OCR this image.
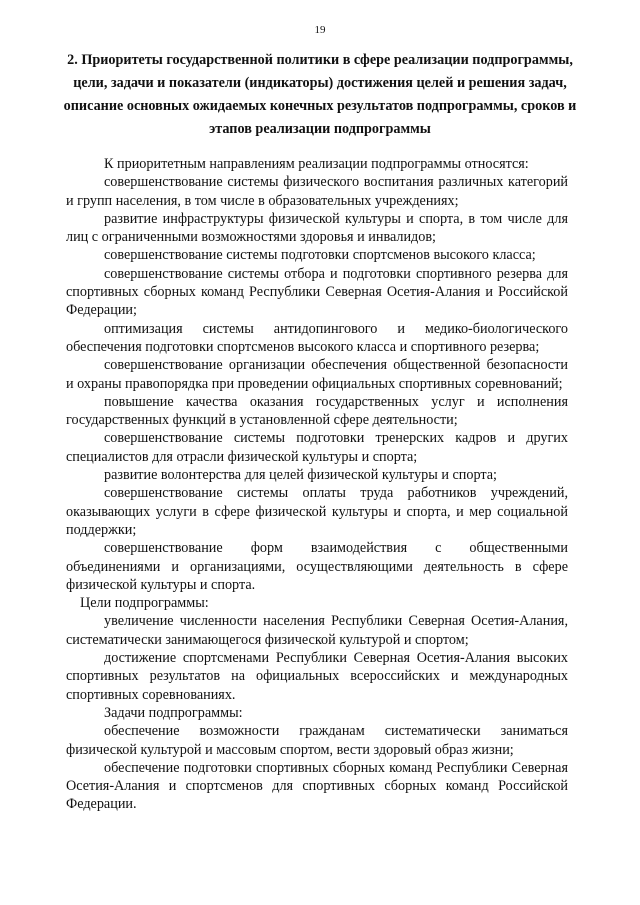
19
2. Приоритеты государственной политики в сфере реализации подпрограммы, цели, задачи и показатели (индикаторы) достижения целей и решения задач, описание основных ожидаемых конечных результатов подпрограммы, сроков и этапов реализации подпрограммы

К приоритетным направлениям реализации подпрограммы относятся:

совершенствование системы физического воспитания различных категорий и групп населения, в том числе в образовательных учреждениях;

развитие инфраструктуры физической культуры и спорта, в том числе для лиц с ограниченными возможностями здоровья и инвалидов;

совершенствование системы подготовки спортсменов высокого класса;

совершенствование системы отбора и подготовки спортивного резерва для спортивных сборных команд Республики Северная Осетия-Алания и Российской Федерации;

оптимизация системы антидопингового и медико-биологического обеспечения подготовки спортсменов высокого класса и спортивного резерва;

совершенствование организации обеспечения общественной безопасности и охраны правопорядка при проведении официальных спортивных соревнований;

повышение качества оказания государственных услуг и исполнения государственных функций в установленной сфере деятельности;

совершенствование системы подготовки тренерских кадров и других специалистов для отрасли физической культуры и спорта;

развитие волонтерства для целей физической культуры и спорта;

совершенствование системы оплаты труда работников учреждений, оказывающих услуги в сфере физической культуры и спорта, и мер социальной поддержки;

совершенствование форм взаимодействия с общественными объединениями и организациями, осуществляющими деятельность в сфере физической культуры и спорта.

Цели подпрограммы:

увеличение численности населения Республики Северная Осетия-Алания, систематически занимающегося физической культурой и спортом;

достижение спортсменами Республики Северная Осетия-Алания высоких спортивных результатов на официальных всероссийских и международных спортивных соревнованиях.

Задачи подпрограммы:

обеспечение возможности гражданам систематически заниматься физической культурой и массовым спортом, вести здоровый образ жизни;

обеспечение подготовки спортивных сборных команд Республики Северная Осетия-Алания и спортсменов для спортивных сборных команд Российской Федерации.
